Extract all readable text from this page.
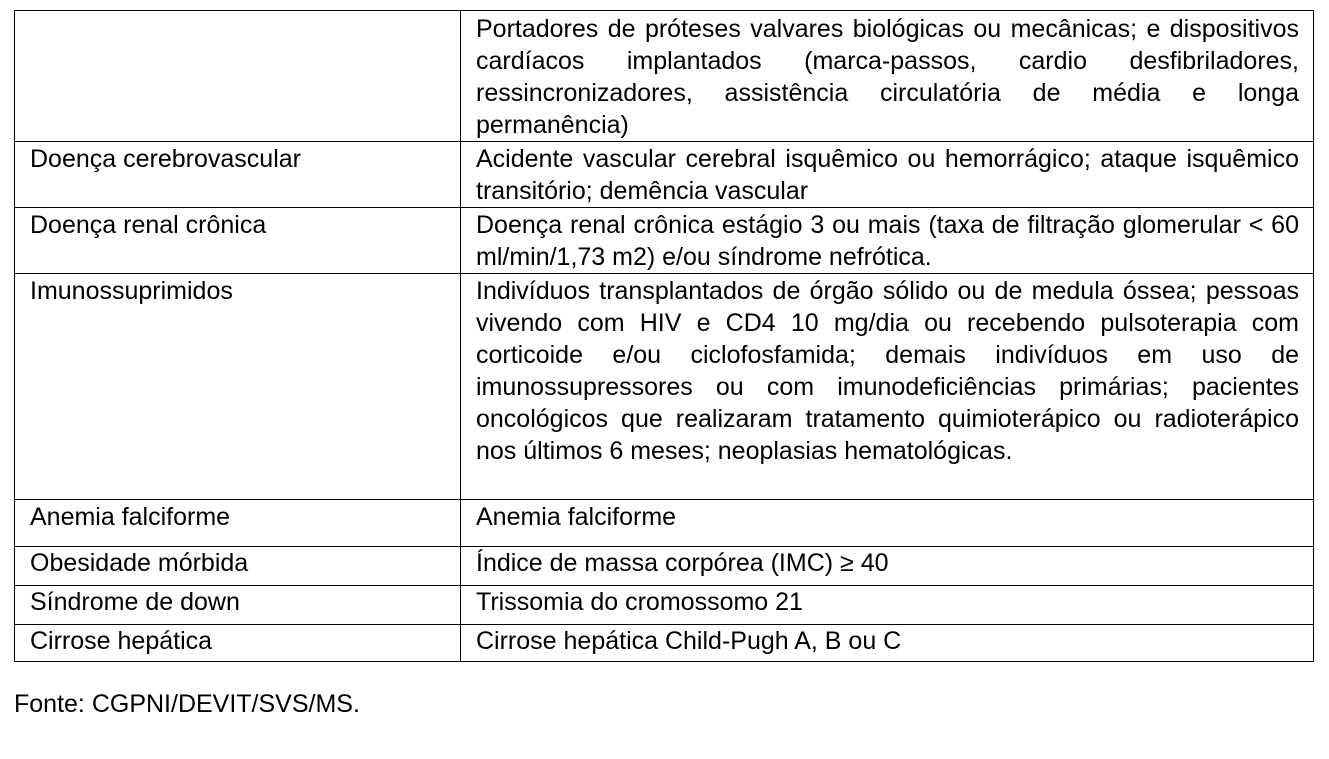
	Portadores de próteses valvares biológicas ou mecânicas; e dispositivos cardíacos implantados (marca-passos, cardio desfibriladores, ressincronizadores, assistência circulatória de média e longa permanência)
Doença cerebrovascular	Acidente vascular cerebral isquêmico ou hemorrágico; ataque isquêmico transitório; demência vascular
Doença renal crônica	Doença renal crônica estágio 3 ou mais (taxa de filtração glomerular < 60 ml/min/1,73 m2) e/ou síndrome nefrótica.
Imunossuprimidos	Indivíduos transplantados de órgão sólido ou de medula óssea; pessoas vivendo com HIV e CD4 10 mg/dia ou recebendo pulsoterapia com corticoide e/ou ciclofosfamida; demais indivíduos em uso de imunossupressores ou com imunodeficiências primárias; pacientes oncológicos que realizaram tratamento quimioterápico ou radioterápico nos últimos 6 meses; neoplasias hematológicas.
Anemia falciforme	Anemia falciforme
Obesidade mórbida	Índice de massa corpórea (IMC) ≥ 40
Síndrome de down	Trissomia do cromossomo 21
Cirrose hepática	Cirrose hepática Child-Pugh A, B ou C
Fonte: CGPNI/DEVIT/SVS/MS.
